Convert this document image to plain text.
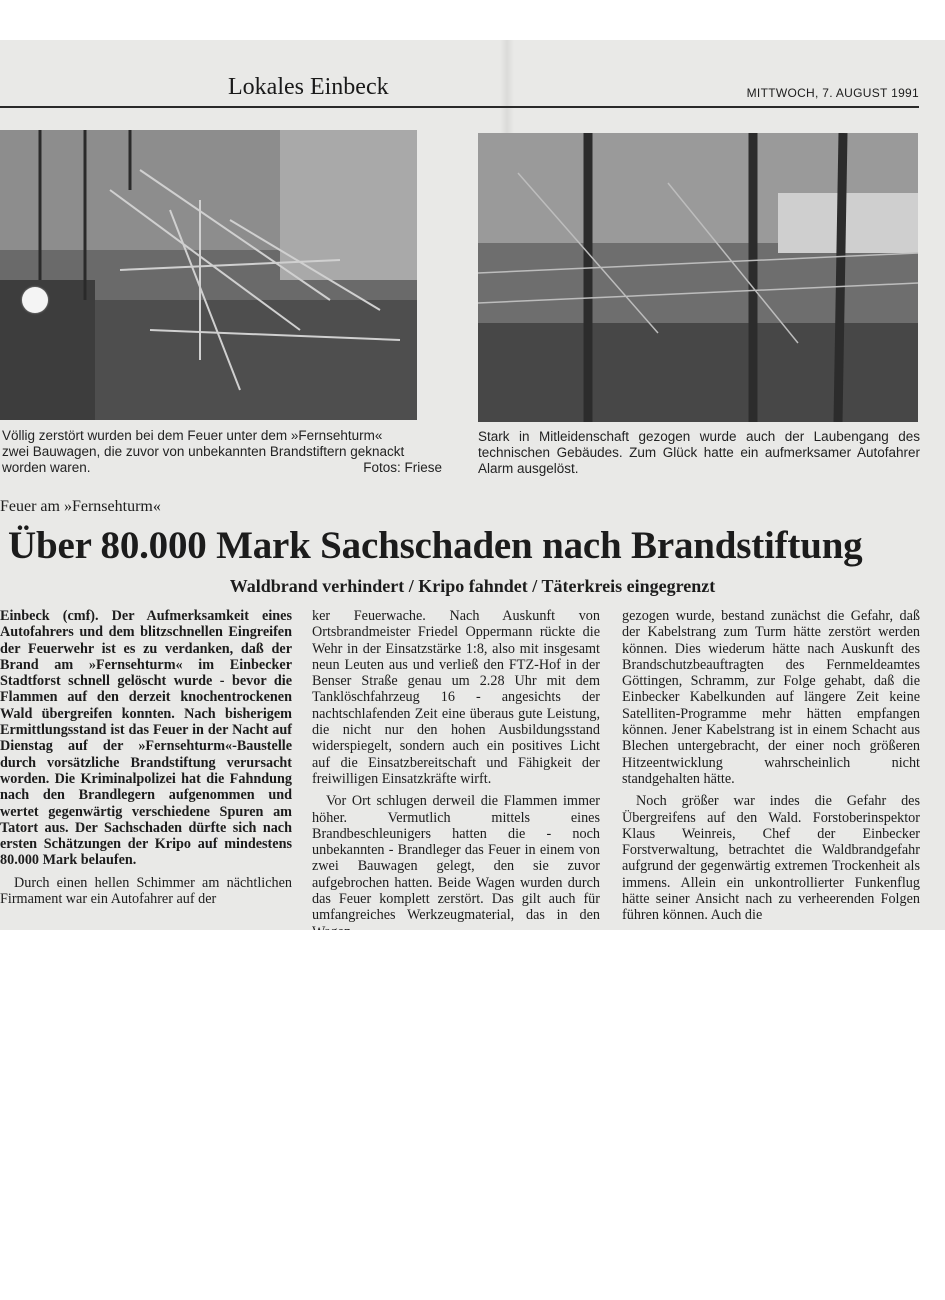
Lokales Einbeck	MITTWOCH, 7. AUGUST 1991
Völlig zerstört wurden bei dem Feuer unter dem »Fernsehturm«
zwei Bauwagen, die zuvor von unbekannten Brandstiftern geknackt
worden waren.	Fotos: Friese
Stark in Mitleidenschaft gezogen wurde auch der Laubengang des technischen Gebäudes. Zum Glück hatte ein aufmerksamer Autofahrer Alarm ausgelöst.
Feuer am »Fernsehturm«
Über 80.000 Mark Sachschaden nach Brandstiftung
Waldbrand verhindert / Kripo fahndet / Täterkreis eingegrenzt

Einbeck (cmf). Der Aufmerksamkeit eines Autofahrers und dem blitzschnellen Eingreifen der Feuerwehr ist es zu verdanken, daß der Brand am »Fernsehturm« im Einbecker Stadtforst schnell gelöscht wurde - bevor die Flammen auf den derzeit knochentrockenen Wald übergreifen konnten. Nach bisherigem Ermittlungsstand ist das Feuer in der Nacht auf Dienstag auf der »Fernsehturm«-Baustelle durch vorsätzliche Brandstiftung verursacht worden. Die Kriminalpolizei hat die Fahndung nach den Brandlegern aufgenommen und wertet gegenwärtig verschiedene Spuren am Tatort aus. Der Sachschaden dürfte sich nach ersten Schätzungen der Kripo auf mindestens 80.000 Mark belaufen.

Durch einen hellen Schimmer am nächtlichen Firmament war ein Autofahrer auf der

ker Feuerwache. Nach Auskunft von Ortsbrandmeister Friedel Oppermann rückte die Wehr in der Einsatzstärke 1:8, also mit insgesamt neun Leuten aus und verließ den FTZ-Hof in der Benser Straße genau um 2.28 Uhr mit dem Tanklöschfahrzeug 16 - angesichts der nachtschlafenden Zeit eine überaus gute Leistung, die nicht nur den hohen Ausbildungsstand widerspiegelt, sondern auch ein positives Licht auf die Einsatzbereitschaft und Fähigkeit der freiwilligen Einsatzkräfte wirft.

Vor Ort schlugen derweil die Flammen immer höher. Vermutlich mittels eines Brandbeschleunigers hatten die - noch unbekannten - Brandleger das Feuer in einem von zwei Bauwagen gelegt, den sie zuvor aufgebrochen hatten. Beide Wagen wurden durch das Feuer komplett zerstört. Das gilt auch für umfangreiches Werkzeugmaterial, das in den

gezogen wurde, bestand zunächst die Gefahr, daß der Kabelstrang zum Turm hätte zerstört werden können. Dies wiederum hätte nach Auskunft des Brandschutzbeauftragten des Fernmeldeamtes Göttingen, Schramm, zur Folge gehabt, daß die Einbecker Kabelkunden auf längere Zeit keine Satelliten-Programme mehr hätten empfangen können. Jener Kabelstrang ist in einem Schacht aus Blechen untergebracht, der einer noch größeren Hitzeentwicklung wahrscheinlich nicht standgehalten hätte.

Noch größer war indes die Gefahr des Übergreifens auf den Wald. Forstoberinspektor Klaus Weinreis, Chef der Einbecker Forstverwaltung, betrachtet die Waldbrandgefahr aufgrund der gegenwärtig extremen Trockenheit als immens. Allein ein unkontrollierter Funkenflug hätte seiner Ansicht nach zu verheerenden Folgen führen können. Auch die
